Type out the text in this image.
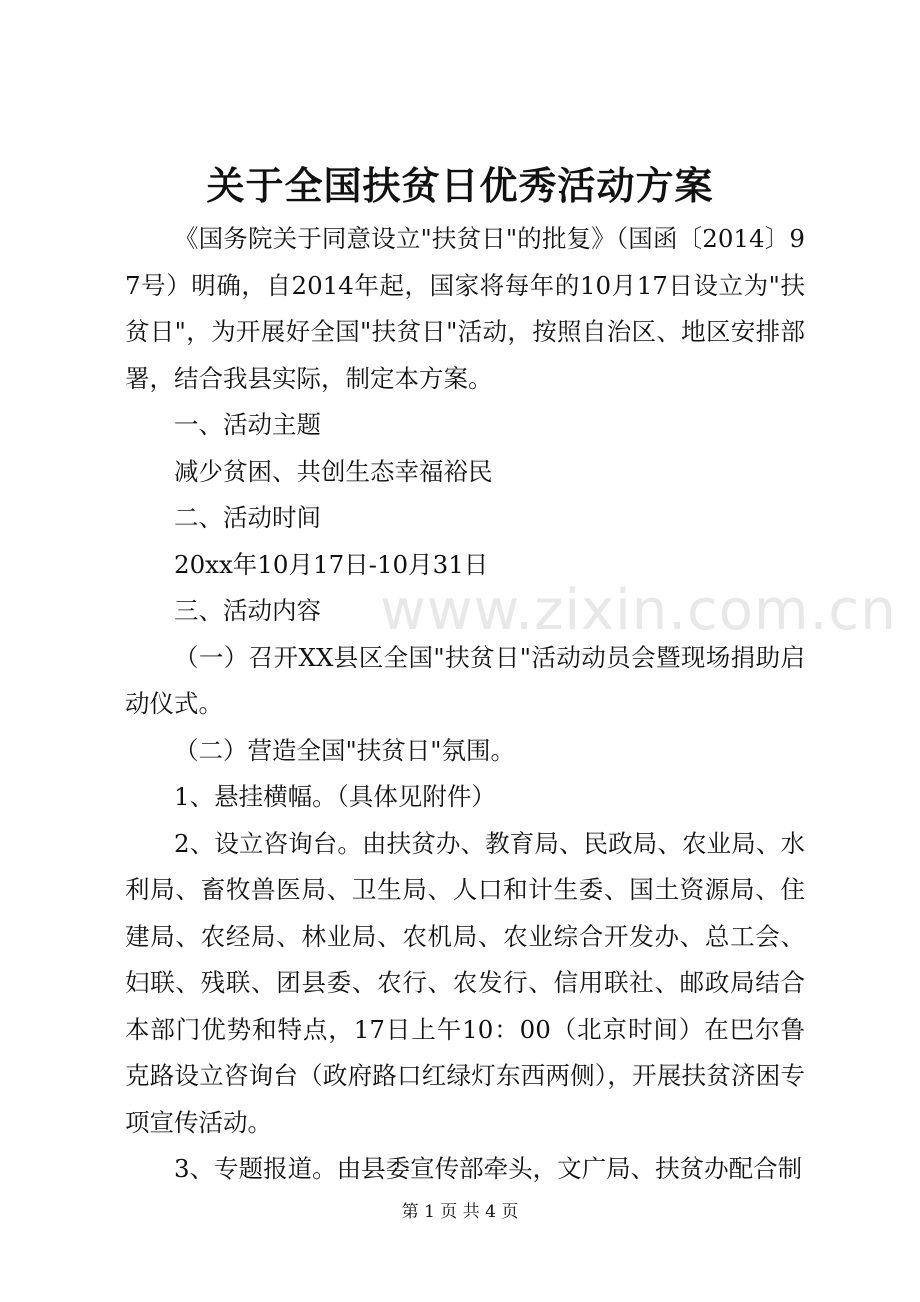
关于全国扶贫日优秀活动方案

《国务院关于同意设立"扶贫日"的批复》（国函〔2014〕97号）明确，自2014年起，国家将每年的10月17日设立为"扶贫日"，为开展好全国"扶贫日"活动，按照自治区、地区安排部署，结合我县实际，制定本方案。

一、活动主题

减少贫困、共创生态幸福裕民

二、活动时间

20xx年10月17日-10月31日

三、活动内容

（一）召开XX县区全国"扶贫日"活动动员会暨现场捐助启动仪式。

（二）营造全国"扶贫日"氛围。

1、悬挂横幅。（具体见附件）

2、设立咨询台。由扶贫办、教育局、民政局、农业局、水利局、畜牧兽医局、卫生局、人口和计生委、国土资源局、住建局、农经局、林业局、农机局、农业综合开发办、总工会、妇联、残联、团县委、农行、农发行、信用联社、邮政局结合本部门优势和特点，17日上午10：00（北京时间）在巴尔鲁克路设立咨询台（政府路口红绿灯东西两侧），开展扶贫济困专项宣传活动。

3、专题报道。由县委宣传部牵头，文广局、扶贫办配合制

www.zixin.com.cn
第 1 页 共 4 页
